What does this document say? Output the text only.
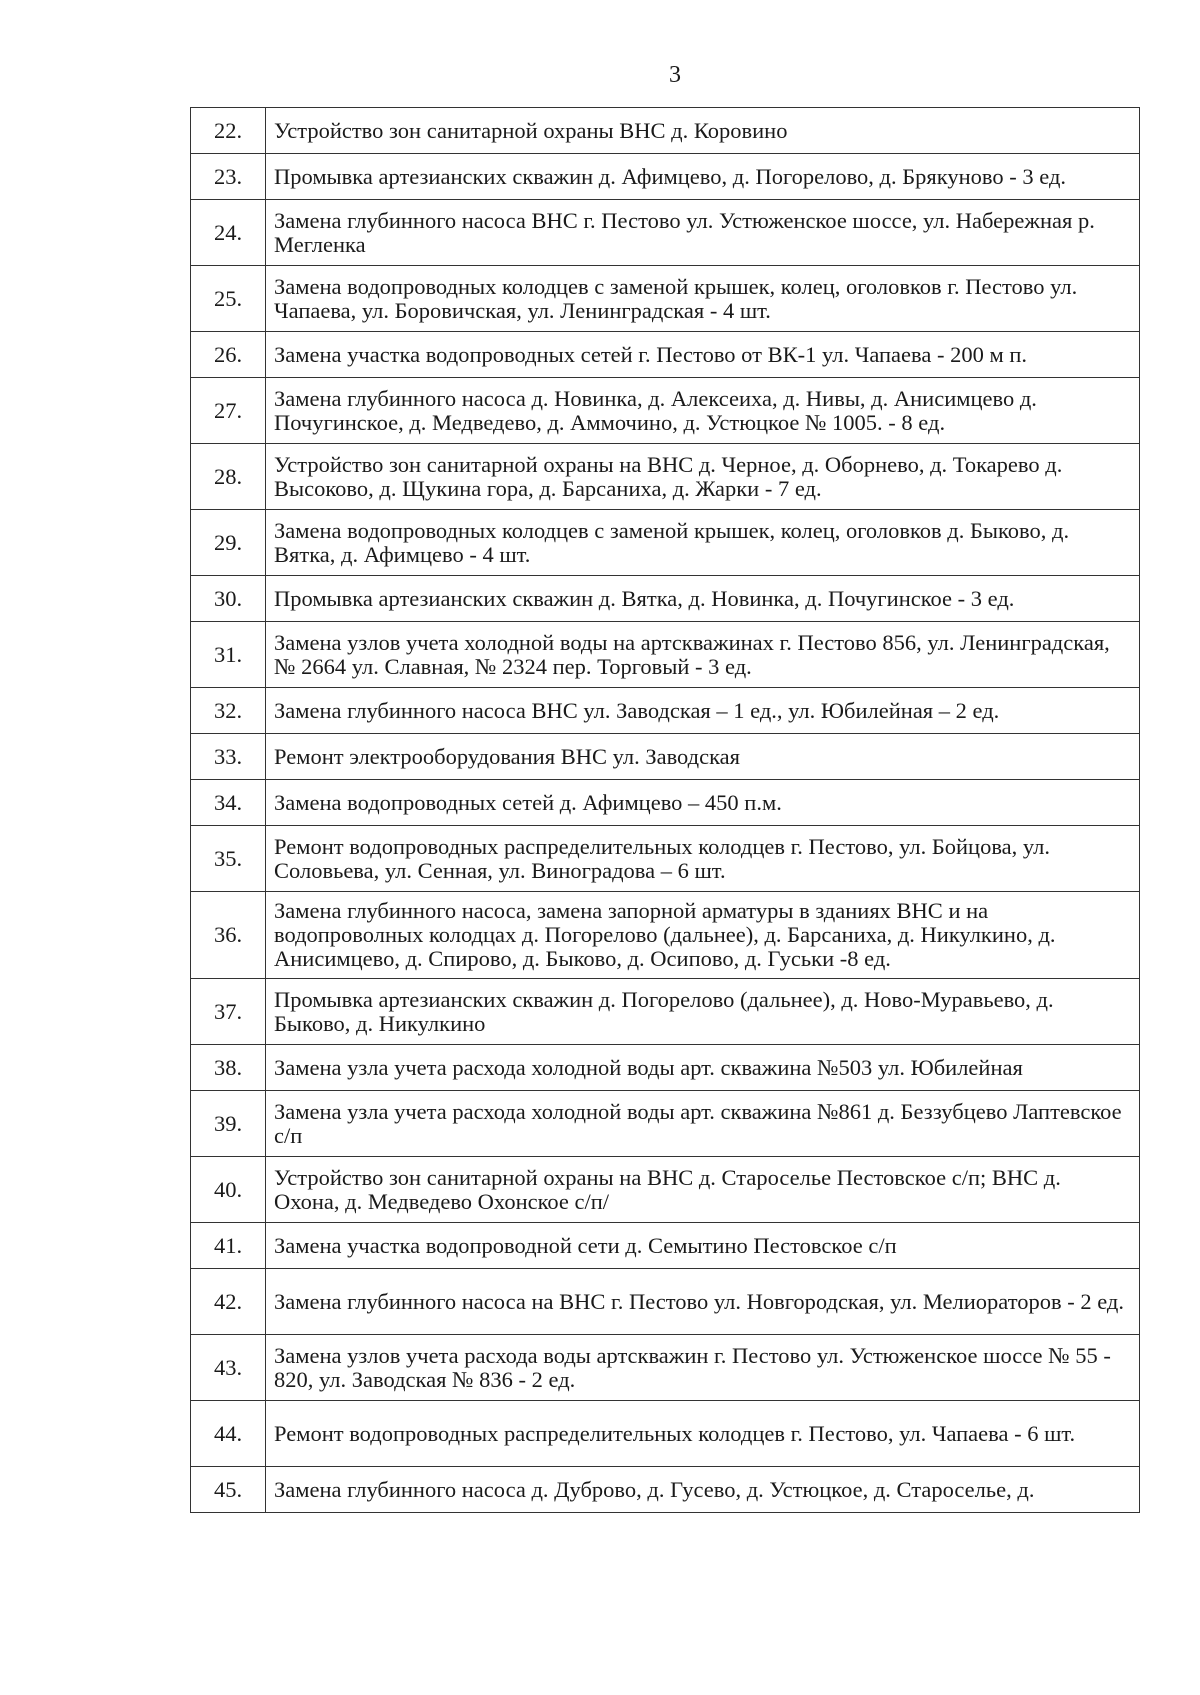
3
22.	Устройство зон санитарной охраны ВНС д. Коровино
23.	Промывка артезианских скважин д. Афимцево, д. Погорелово, д. Брякуново - 3 ед.
24.	Замена глубинного насоса ВНС г. Пестово ул. Устюженское шоссе, ул. Набережная р. Мегленка
25.	Замена водопроводных колодцев с заменой крышек, колец, оголовков г. Пестово ул. Чапаева, ул. Боровичская, ул. Ленинградская - 4 шт.
26.	Замена участка водопроводных сетей г. Пестово от ВК-1 ул. Чапаева - 200 м п.
27.	Замена глубинного насоса д. Новинка, д. Алексеиха, д. Нивы, д. Анисимцево д. Почугинское, д. Медведево, д. Аммочино, д. Устюцкое № 1005. - 8 ед.
28.	Устройство зон санитарной охраны на ВНС д. Черное, д. Оборнево, д. Токарево д. Высоково, д. Щукина гора, д. Барсаниха, д. Жарки - 7 ед.
29.	Замена водопроводных колодцев с заменой крышек, колец, оголовков д. Быково, д. Вятка, д. Афимцево - 4 шт.
30.	Промывка артезианских скважин д. Вятка, д. Новинка, д. Почугинское - 3 ед.
31.	Замена узлов учета холодной воды на артскважинах г. Пестово 856, ул. Ленинградская, № 2664 ул. Славная, № 2324 пер. Торговый - 3 ед.
32.	Замена глубинного насоса ВНС ул. Заводская – 1 ед., ул. Юбилейная – 2 ед.
33.	Ремонт электрооборудования ВНС ул. Заводская
34.	Замена водопроводных сетей д. Афимцево – 450 п.м.
35.	Ремонт водопроводных распределительных колодцев г. Пестово, ул. Бойцова, ул. Соловьева, ул. Сенная, ул. Виноградова – 6 шт.
36.	Замена глубинного насоса, замена запорной арматуры в зданиях ВНС и на водопроволных колодцах д. Погорелово (дальнее), д. Барсаниха, д. Никулкино, д. Анисимцево, д. Спирово, д. Быково, д. Осипово, д. Гуськи -8 ед.
37.	Промывка артезианских скважин д. Погорелово (дальнее), д. Ново-Муравьево, д. Быково, д. Никулкино
38.	Замена узла учета расхода холодной воды арт. скважина №503 ул. Юбилейная
39.	Замена узла учета расхода холодной воды арт. скважина №861 д. Беззубцево Лаптевское с/п
40.	Устройство зон санитарной охраны на ВНС д. Староселье Пестовское с/п; ВНС д. Охона, д. Медведево Охонское с/п/
41.	Замена участка водопроводной сети д. Семытино Пестовское с/п
42.	Замена глубинного насоса на ВНС г. Пестово ул. Новгородская, ул. Мелиораторов - 2 ед.
43.	Замена узлов учета расхода воды артскважин г. Пестово ул. Устюженское шоссе № 55 - 820, ул. Заводская № 836 - 2 ед.
44.	Ремонт водопроводных распределительных колодцев г. Пестово, ул. Чапаева - 6 шт.
45.	Замена глубинного насоса д. Дуброво, д. Гусево, д. Устюцкое, д. Староселье, д.
